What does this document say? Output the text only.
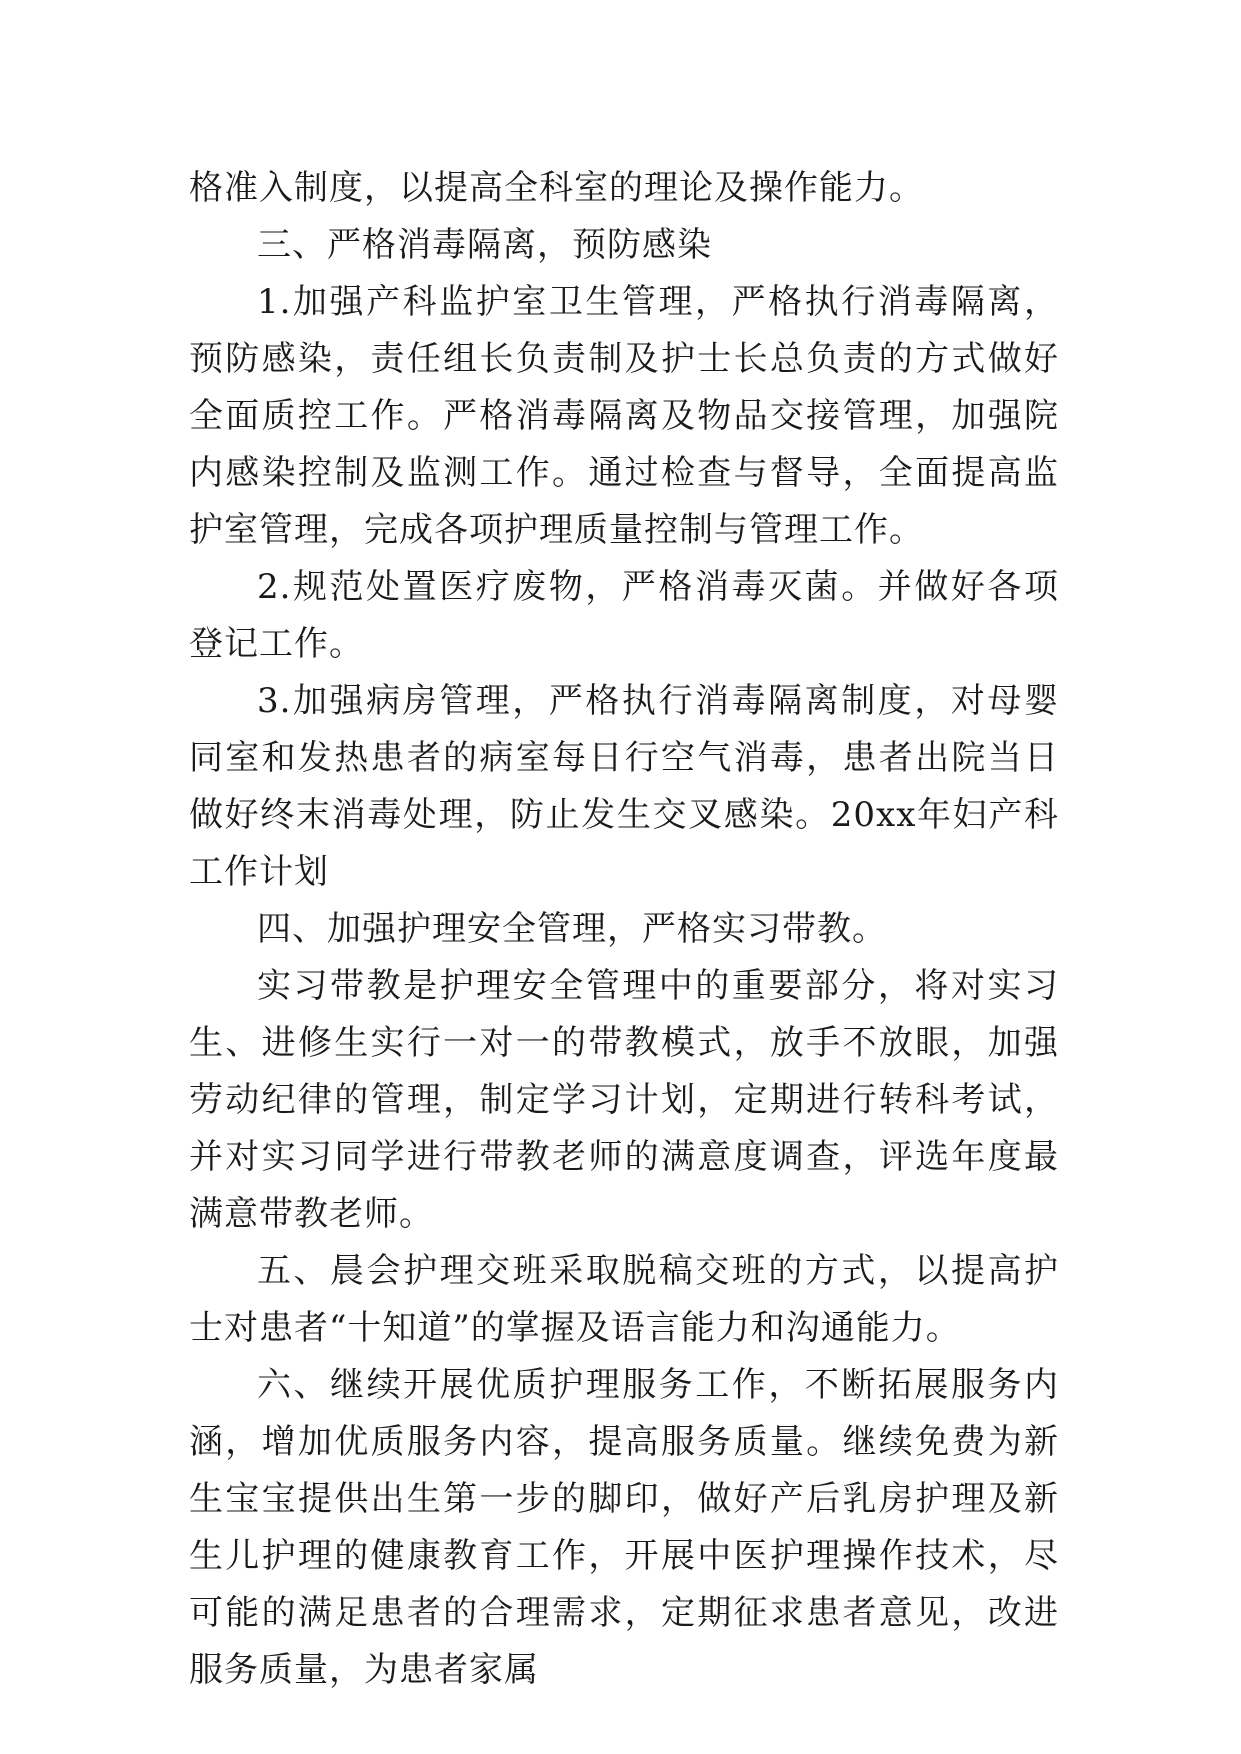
格准入制度，以提高全科室的理论及操作能力。

三、严格消毒隔离，预防感染

1.加强产科监护室卫生管理，严格执行消毒隔离，预防感染，责任组长负责制及护士长总负责的方式做好全面质控工作。严格消毒隔离及物品交接管理，加强院内感染控制及监测工作。通过检查与督导，全面提高监护室管理，完成各项护理质量控制与管理工作。

2.规范处置医疗废物，严格消毒灭菌。并做好各项登记工作。

3.加强病房管理，严格执行消毒隔离制度，对母婴同室和发热患者的病室每日行空气消毒，患者出院当日做好终末消毒处理，防止发生交叉感染。20xx年妇产科工作计划

四、加强护理安全管理，严格实习带教。

实习带教是护理安全管理中的重要部分，将对实习生、进修生实行一对一的带教模式，放手不放眼，加强劳动纪律的管理，制定学习计划，定期进行转科考试，并对实习同学进行带教老师的满意度调查，评选年度最满意带教老师。

五、晨会护理交班采取脱稿交班的方式，以提高护士对患者“十知道”的掌握及语言能力和沟通能力。

六、继续开展优质护理服务工作，不断拓展服务内涵，增加优质服务内容，提高服务质量。继续免费为新生宝宝提供出生第一步的脚印，做好产后乳房护理及新生儿护理的健康教育工作，开展中医护理操作技术，尽可能的满足患者的合理需求，定期征求患者意见，改进服务质量，为患者家属
